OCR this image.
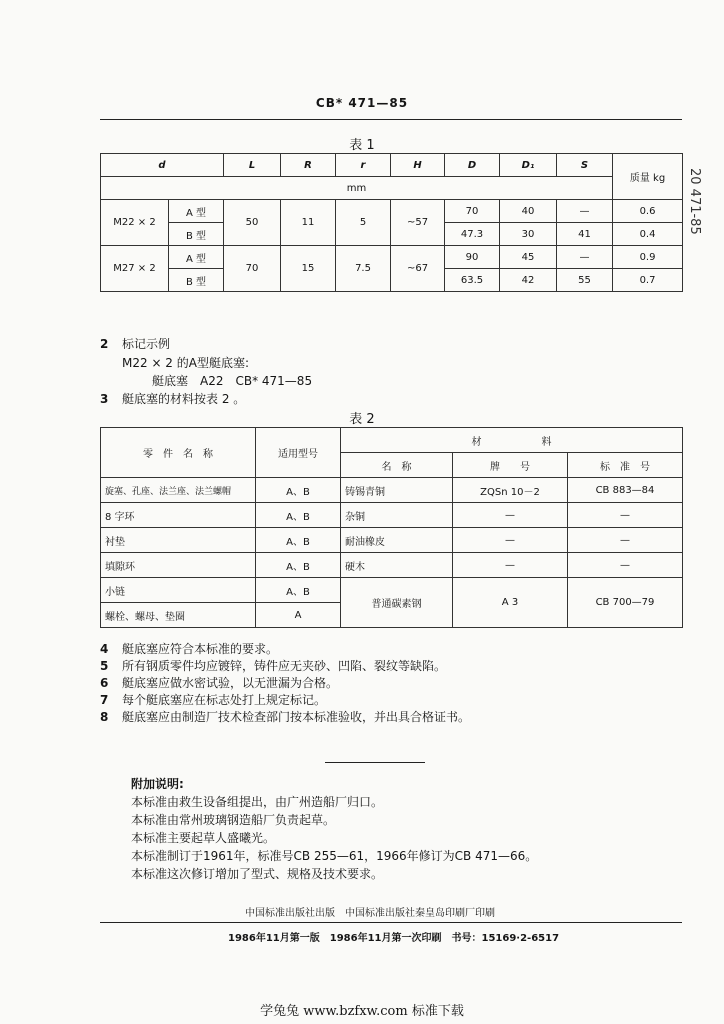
CB* 471—85
表 1
d		L	R	r	H	D	D₁	S	质量 kg
mm									
M22 × 2	A 型	50	11	5	~57	70	40	—	0.6
	B 型					47.3	30	41	0.4
M27 × 2	A 型	70	15	7.5	~67	90	45	—	0.9
	B 型					63.5	42	55	0.7
2 标记示例
M22 × 2 的A型艇底塞:
艇底塞　A22　CB* 471—85
3 艇底塞的材料按表 2 。
表 2
零　件　名　称	适用型号	材　　　　　　料		
		名　称	牌　　号	标　准　号
旋塞、孔座、法兰座、法兰螺帽	A、B	铸锡青铜	ZQSn 10－2	CB 883—84
8 字环	A、B	杂铜	—	—
衬垫	A、B	耐油橡皮	—	—
填隙环	A、B	硬木	—	—
小链	A、B	普通碳素钢	A 3	CB 700—79
螺栓、螺母、垫圈	A			
4 艇底塞应符合本标准的要求。
5 所有钢质零件均应镀锌，铸件应无夹砂、凹陷、裂纹等缺陷。
6 艇底塞应做水密试验，以无泄漏为合格。
7 每个艇底塞应在标志处打上规定标记。
8 艇底塞应由制造厂技术检查部门按本标准验收，并出具合格证书。
附加说明:
本标准由救生设备组提出，由广州造船厂归口。
本标准由常州玻璃钢造船厂负责起草。
本标准主要起草人盛曦光。
本标准制订于1961年，标准号CB 255—61，1966年修订为CB 471—66。
本标准这次修订增加了型式、规格及技术要求。
中国标准出版社出版　中国标准出版社秦皇岛印刷厂印刷
1986年11月第一版　1986年11月第一次印刷　书号：15169·2-6517
学兔兔 www.bzfxw.com 标准下载
20 471-85
